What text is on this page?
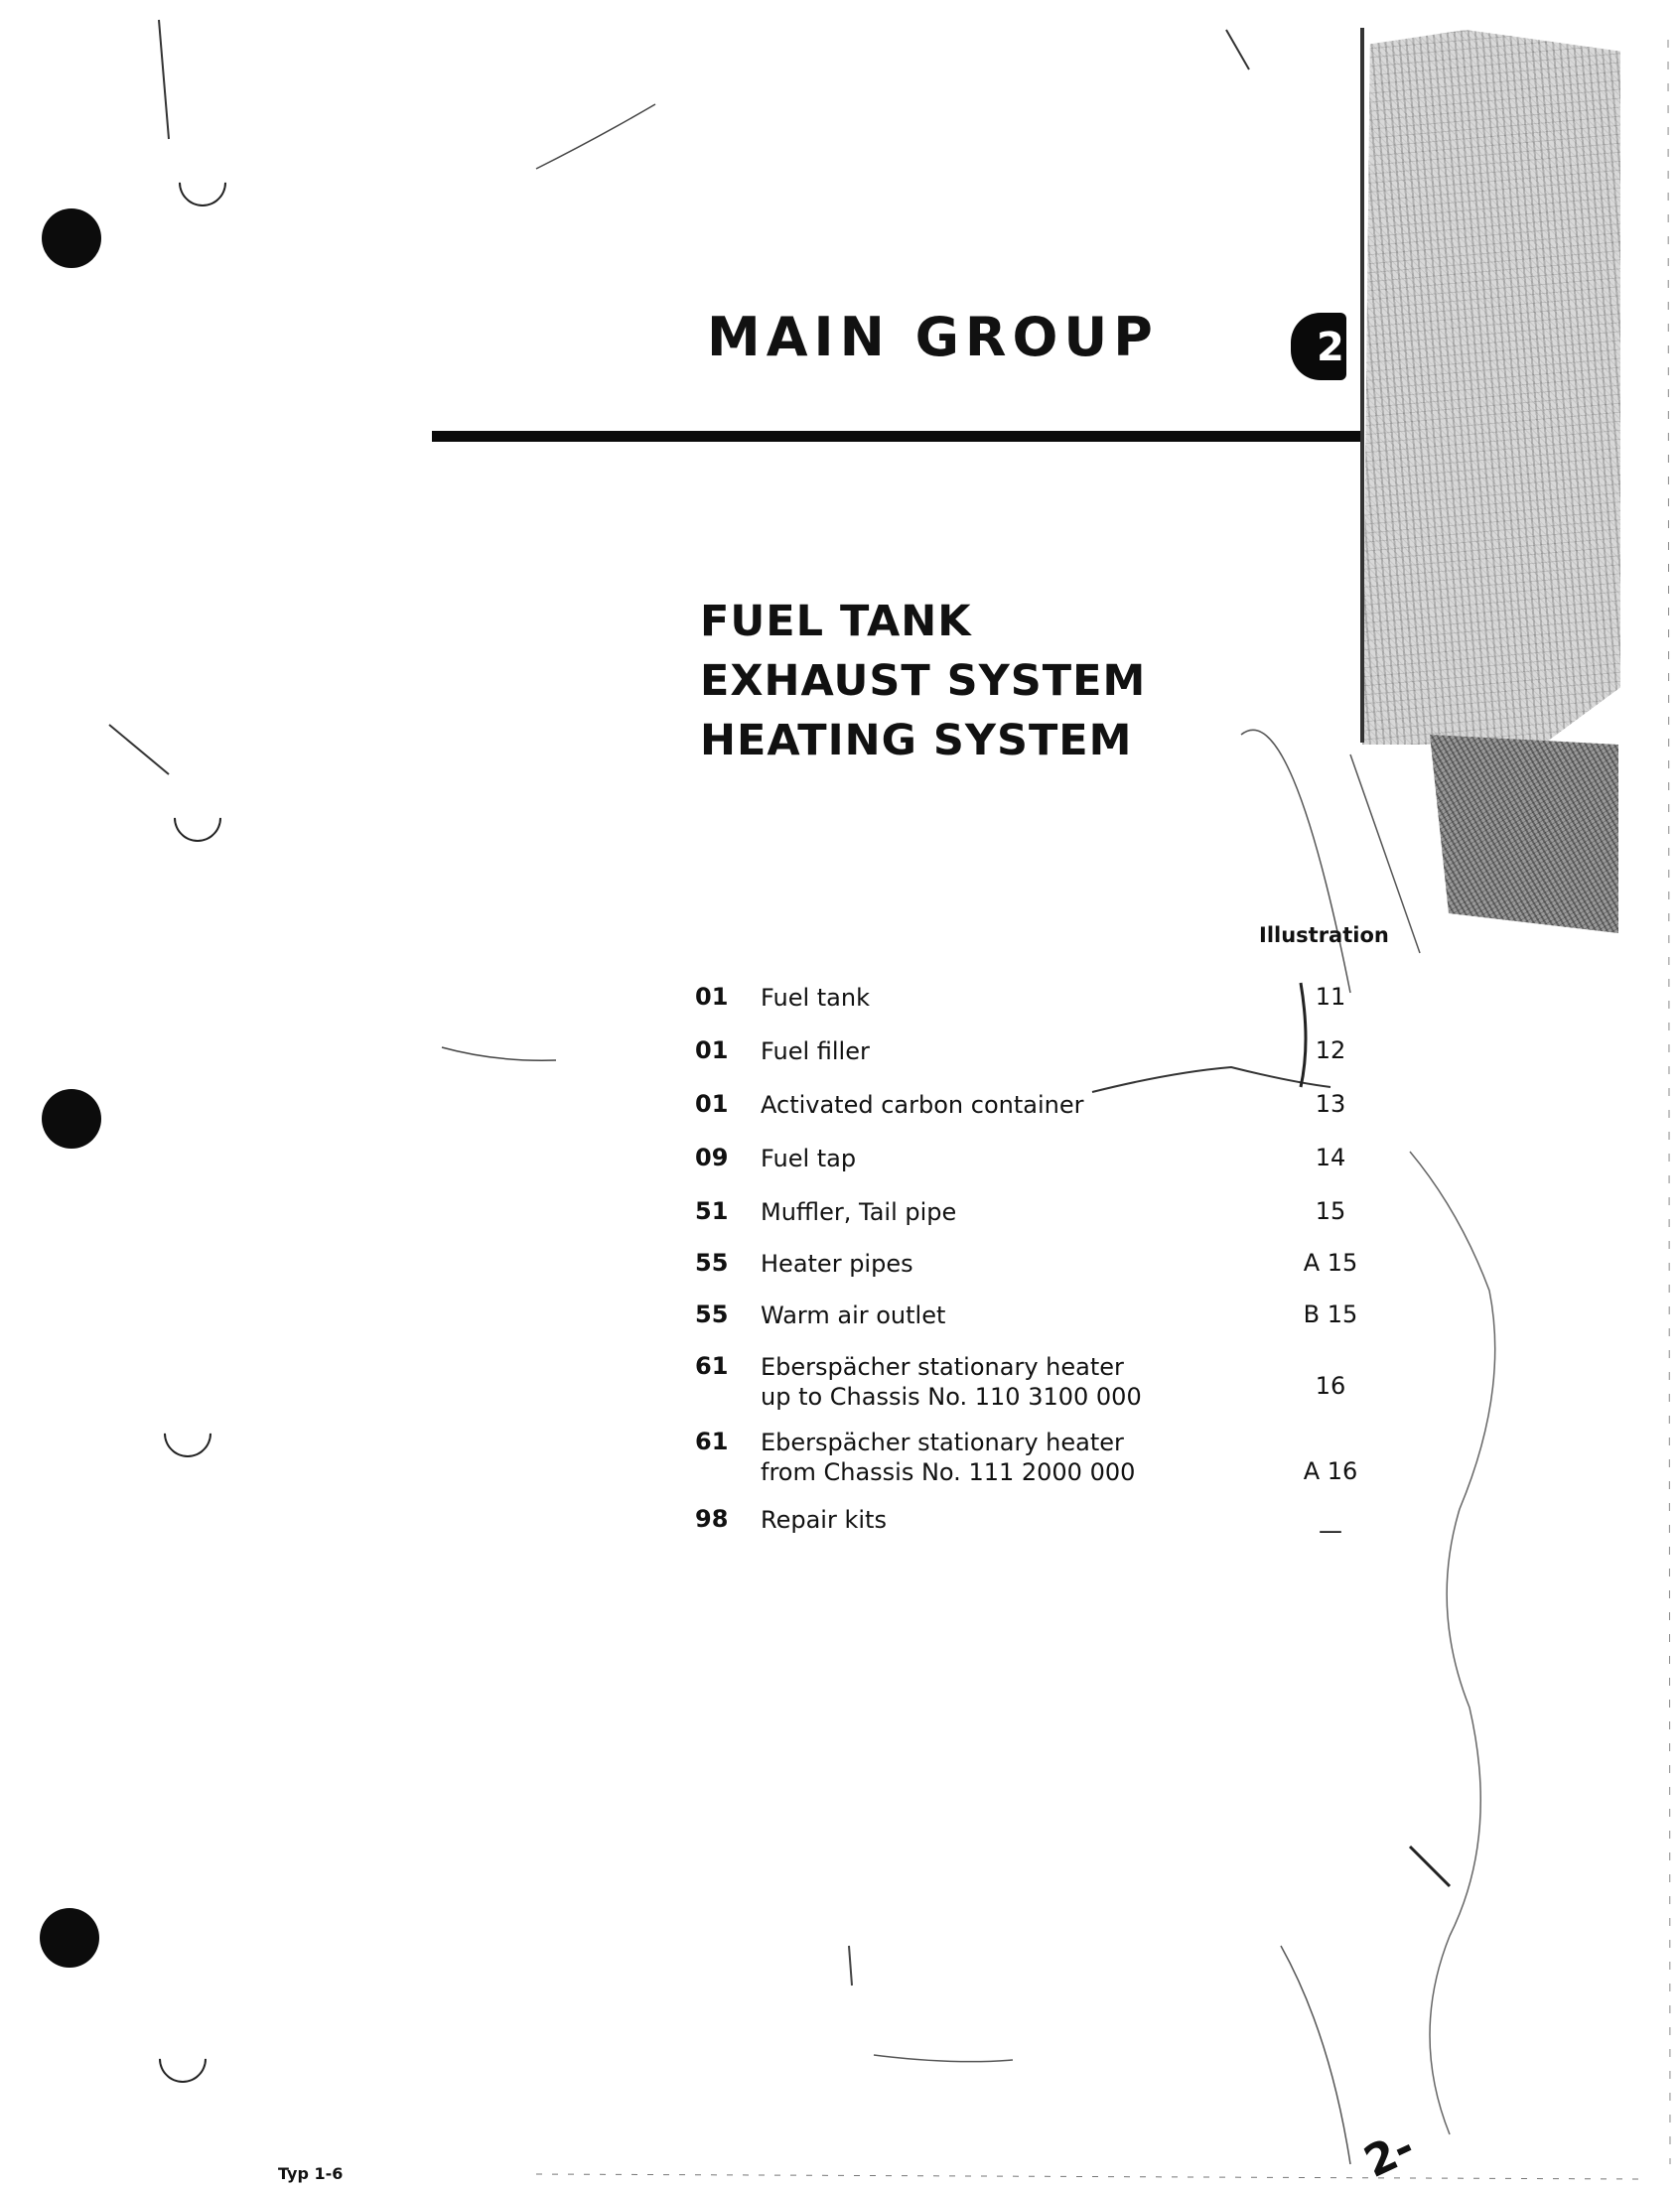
MAIN GROUP	2
FUEL TANK
EXHAUST SYSTEM
HEATING SYSTEM
Illustration
01 Fuel tank	11
01 Fuel filler	12
01 Activated carbon container	13
09 Fuel tap	14
51 Muffler, Tail pipe	15
55 Heater pipes	A 15
55 Warm air outlet	B 15
61 Eberspächer stationary heater
up to Chassis No. 110 3100 000	16
61 Eberspächer stationary heater
from Chassis No. 111 2000 000	A 16
98 Repair kits	—
Typ 1-6	2-
